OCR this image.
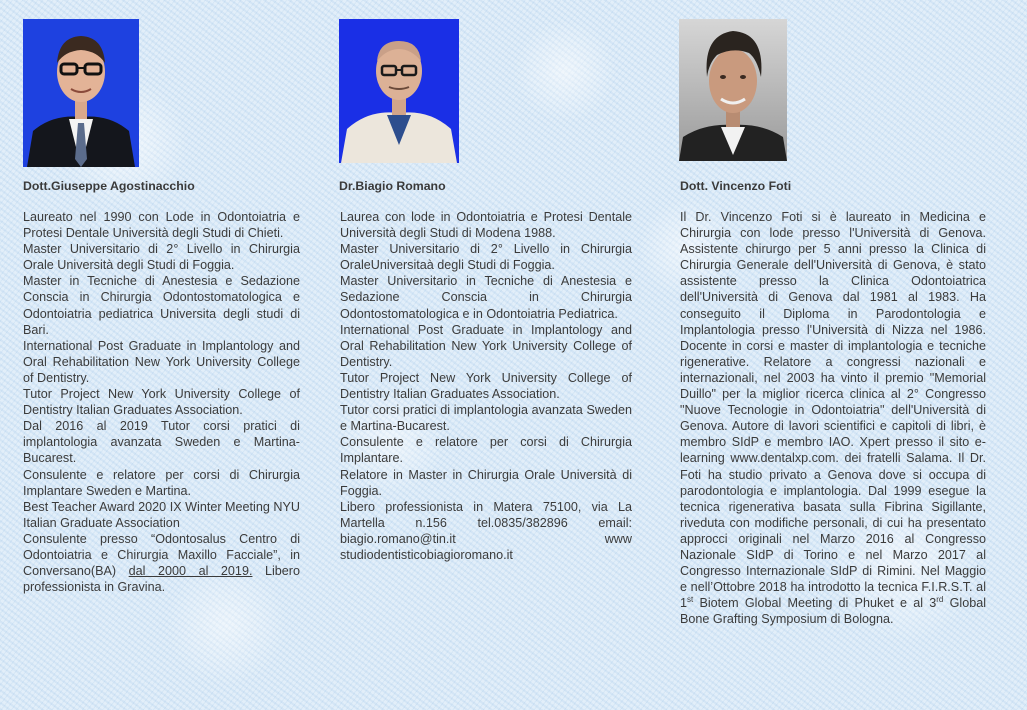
Dott.Giuseppe Agostinacchio

Laureato nel 1990 con Lode in Odontoiatria e Protesi Dentale Università degli Studi di Chieti.

Master Universitario di 2° Livello in Chirurgia Orale Università degli Studi di Foggia.

Master in Tecniche di Anestesia e Sedazione Conscia in Chirurgia Odontostomatologica e Odontoiatria pediatrica Universita degli studi di Bari.

International Post Graduate in Implantology and Oral Rehabilitation New York University College of Dentistry.

Tutor Project New York University College of Dentistry Italian Graduates Association.

Dal 2016 al 2019 Tutor corsi pratici di implantologia avanzata Sweden e Martina-Bucarest.

Consulente e relatore per corsi di Chirurgia Implantare Sweden e Martina.

Best Teacher Award 2020 IX Winter Meeting NYU Italian Graduate Association

Consulente presso “Odontosalus Centro di Odontoiatria e Chirurgia Maxillo Facciale”, in Conversano(BA) dal 2000 al 2019. Libero professionista in Gravina.

Dr.Biagio Romano

Laurea con lode in Odontoiatria e Protesi Dentale Università degli Studi di Modena 1988.

Master Universitario di 2° Livello in Chirurgia OraleUniversitaà degli Studi di Foggia.

Master Universitario in Tecniche di Anestesia e Sedazione Conscia in Chirurgia Odontostomatologica e in Odontoiatria Pediatrica.

International Post Graduate in Implantology and Oral Rehabilitation New York University College of Dentistry.

Tutor Project New York University College of Dentistry Italian Graduates Association.

Tutor corsi pratici di implantologia avanzata Sweden e Martina-Bucarest.

Consulente e relatore per corsi di Chirurgia Implantare.

Relatore in Master in Chirurgia Orale Università di Foggia.

Libero professionista in Matera 75100, via La Martella n.156 tel.0835/382896 email: biagio.romano@tin.it www studiodentisticobiagioromano.it

Dott. Vincenzo Foti

Il Dr. Vincenzo Foti si è laureato in Medicina e Chirurgia con lode presso l'Università di Genova. Assistente chirurgo per 5 anni presso la Clinica di Chirurgia Generale dell'Università di Genova, è stato assistente presso la Clinica Odontoiatrica dell'Università di Genova dal 1981 al 1983. Ha conseguito il Diploma in Parodontologia e Implantologia presso l'Università di Nizza nel 1986. Docente in corsi e master di implantologia e tecniche rigenerative. Relatore a congressi nazionali e internazionali, nel 2003 ha vinto il premio "Memorial Duillo" per la miglior ricerca clinica al 2° Congresso "Nuove Tecnologie in Odontoiatria" dell'Università di Genova. Autore di lavori scientifici e capitoli di libri, è membro SIdP e membro IAO. Xpert presso il sito e-learning www.dentalxp.com. dei fratelli Salama. Il Dr. Foti ha studio privato a Genova dove si occupa di parodontologia e implantologia. Dal 1999 esegue la tecnica rigenerativa basata sulla Fibrina Sigillante, riveduta con modifiche personali, di cui ha presentato approcci originali nel Marzo 2016 al Congresso Nazionale SIdP di Torino e nel Marzo 2017 al Congresso Internazionale SIdP di Rimini. Nel Maggio e nell’Ottobre 2018 ha introdotto la tecnica F.I.R.S.T. al 1st Biotem Global Meeting di Phuket e al 3rd Global Bone Grafting Symposium di Bologna.
